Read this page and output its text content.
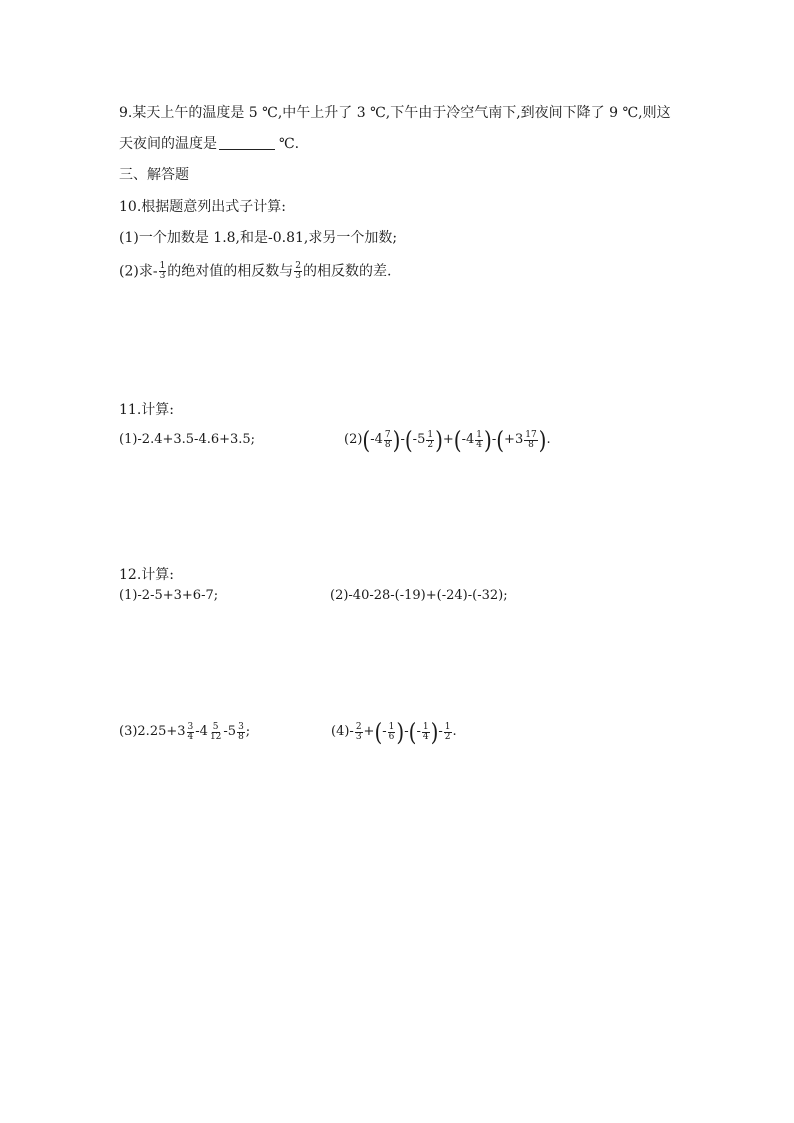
9.某天上午的温度是 5 ℃,中午上升了 3 ℃,下午由于冷空气南下,到夜间下降了 9 ℃,则这
天夜间的温度是	℃.
三、解答题
10.根据题意列出式子计算:
(1)一个加数是 1.8,和是-0.81,求另一个加数;
(2)求- $\frac{1}{3}$ 的绝对值的相反数与 $\frac{2}{3}$ 的相反数的差.
11.计算:
(1)-2.4+3.5-4.6+3.5;	$(2)(-4 \frac{7}{8} )-(-5 \frac{1}{2} )+(-4 \frac{1}{4} )-(+3 \frac{17}{8}$ ).
12.计算:
(1)-2-5+3+6-7;	(2)-40-28-(-19)+(-24)-(-32);
$(3)2.25+3 \frac{3}{4} -4 \frac{5}{12} -5 \frac{3}{8}$ ;	$(4)- \frac{2}{3}$ +(- $\frac{1}{6}$ )-(- $\frac{1}{4}$ )- $\frac{1}{2}$ .
